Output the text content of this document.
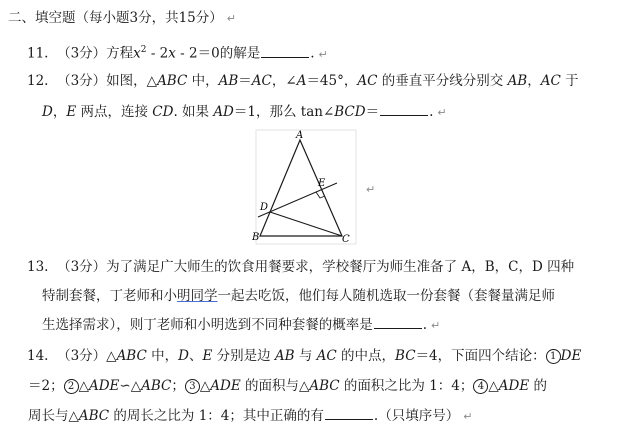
二、填空题（每小题3分，共15分） ↵
11. （3分）方程$x^2 - 2x - 2=0$的解是	. ↵
12. （3分）如图，△ABC 中，AB＝AC，∠A＝45°，AC 的垂直平分线分别交 AB，AC 于
D，E 两点，连接 CD. 如果 AD＝1，那么 tan∠BCD＝	. ↵
A
B	C
D
E	↵
13. （3分）为了满足广大师生的饮食用餐要求，学校餐厅为师生准备了 A，B，C，D 四种
特制套餐，丁老师和小明同学一起去吃饭，他们每人随机选取一份套餐（套餐量满足师
生选择需求），则丁老师和小明选到不同种套餐的概率是	. ↵
14. （3分）△ABC 中，D、E 分别是边 AB 与 AC 的中点，BC＝4，下面四个结论： 1 DE
＝2； 2 △ADE∽△ABC； 3 △ADE 的面积与△ABC 的面积之比为 1：4； 4 △ADE 的
周长与△ABC 的周长之比为 1：4；其中正确的有	.（只填序号） ↵
